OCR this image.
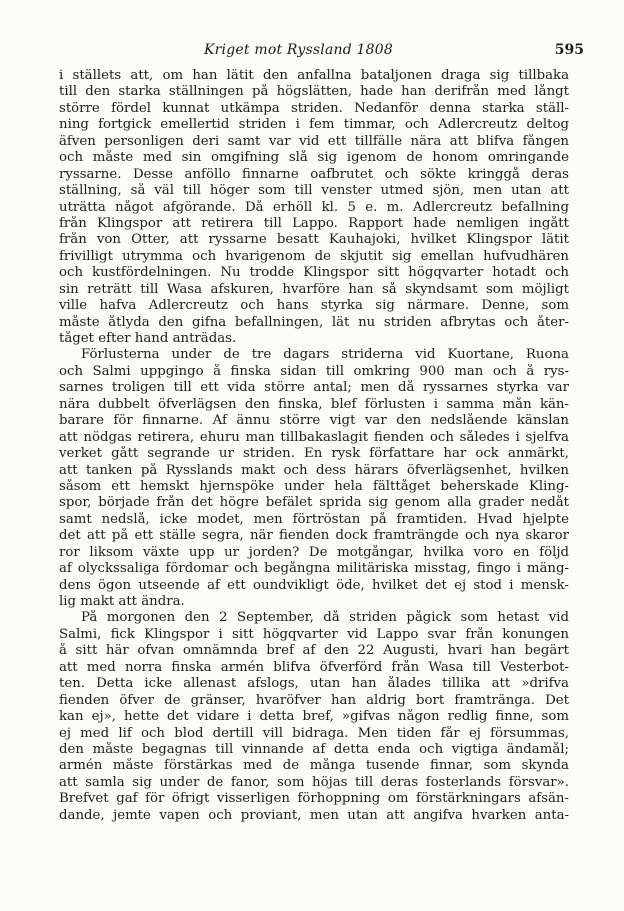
Kriget mot Ryssland 1808	595
i ställets att, om han lätit den anfallna bataljonen draga sig tillbaka
till den starka ställningen på högslätten, hade han derifrån med långt
större fördel kunnat utkämpa striden. Nedanför denna starka ställ-
ning fortgick emellertid striden i fem timmar, och Adlercreutz deltog
äfven personligen deri samt var vid ett tillfälle nära att blifva fången
och måste med sin omgifning slå sig igenom de honom omringande
ryssarne. Desse anföllo finnarne oafbrutet och sökte kringgå deras
ställning, så väl till höger som till venster utmed sjön, men utan att
uträtta något afgörande. Då erhöll kl. 5 e. m. Adlercreutz befallning
från Klingspor att retirera till Lappo. Rapport hade nemligen ingått
från von Otter, att ryssarne besatt Kauhajoki, hvilket Klingspor lätit
frivilligt utrymma och hvarigenom de skjutit sig emellan hufvudhären
och kustfördelningen. Nu trodde Klingspor sitt högqvarter hotadt och
sin reträtt till Wasa afskuren, hvarföre han så skyndsamt som möjligt
ville hafva Adlercreutz och hans styrka sig närmare. Denne, som
måste åtlyda den gifna befallningen, lät nu striden afbrytas och åter-
tåget efter hand anträdas.
Förlusterna under de tre dagars striderna vid Kuortane, Ruona
och Salmi uppgingo å finska sidan till omkring 900 man och å rys-
sarnes troligen till ett vida större antal; men då ryssarnes styrka var
nära dubbelt öfverlägsen den finska, blef förlusten i samma mån kän-
barare för finnarne. Af ännu större vigt var den nedslående känslan
att nödgas retirera, ehuru man tillbakaslagit fienden och således i sjelfva
verket gått segrande ur striden. En rysk författare har ock anmärkt,
att tanken på Rysslands makt och dess härars öfverlägsenhet, hvilken
såsom ett hemskt hjernspöke under hela fälttåget beherskade Kling-
spor, började från det högre befälet sprida sig genom alla grader nedåt
samt nedslå, icke modet, men förtröstan på framtiden. Hvad hjelpte
det att på ett ställe segra, när fienden dock framträngde och nya skaror
ror liksom växte upp ur jorden? De motgångar, hvilka voro en följd
af olyckssaliga fördomar och begångna militäriska misstag, fingo i mäng-
dens ögon utseende af ett oundvikligt öde, hvilket det ej stod i mensk-
lig makt att ändra.
På morgonen den 2 September, då striden pågick som hetast vid
Salmi, fick Klingspor i sitt högqvarter vid Lappo svar från konungen
å sitt här ofvan omnämnda bref af den 22 Augusti, hvari han begärt
att med norra finska armén blifva öfverförd från Wasa till Vesterbot-
ten. Detta icke allenast afslogs, utan han ålades tillika att »drifva
fienden öfver de gränser, hvaröfver han aldrig bort framtränga. Det
kan ej», hette det vidare i detta bref, »gifvas någon redlig finne, som
ej med lif och blod dertill vill bidraga. Men tiden får ej försummas,
den måste begagnas till vinnande af detta enda och vigtiga ändamål;
armén måste förstärkas med de många tusende finnar, som skynda
att samla sig under de fanor, som höjas till deras fosterlands försvar».
Brefvet gaf för öfrigt visserligen förhoppning om förstärkningars afsän-
dande, jemte vapen och proviant, men utan att angifva hvarken anta-
